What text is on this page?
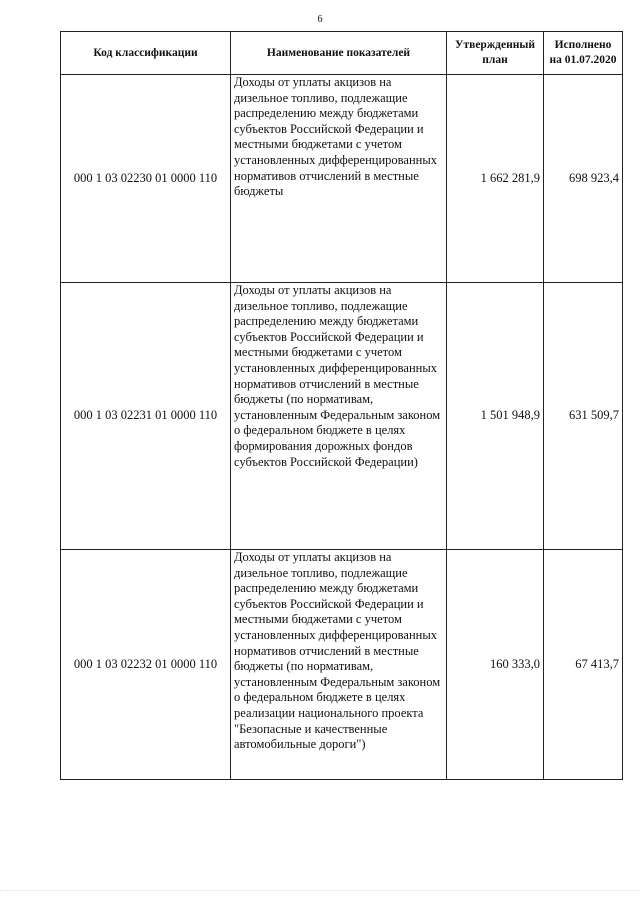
6
Код классификации	Наименование показателей	Утвержденный план	Исполнено на 01.07.2020
000 1 03 02230 01 0000 110	Доходы от уплаты акцизов на дизельное топливо, подлежащие распределению между бюджетами субъектов Российской Федерации и местными бюджетами с учетом установленных дифференцированных нормативов отчислений в местные бюджеты	1 662 281,9	698 923,4
000 1 03 02231 01 0000 110	Доходы от уплаты акцизов на дизельное топливо, подлежащие распределению между бюджетами субъектов Российской Федерации и местными бюджетами с учетом установленных дифференцированных нормативов отчислений в местные бюджеты (по нормативам, установленным Федеральным законом о федеральном бюджете в целях формирования дорожных фондов субъектов Российской Федерации)	1 501 948,9	631 509,7
000 1 03 02232 01 0000 110	Доходы от уплаты акцизов на дизельное топливо, подлежащие распределению между бюджетами субъектов Российской Федерации и местными бюджетами с учетом установленных дифференцированных нормативов отчислений в местные бюджеты (по нормативам, установленным Федеральным законом о федеральном бюджете в целях реализации национального проекта "Безопасные и качественные автомобильные дороги")	160 333,0	67 413,7
